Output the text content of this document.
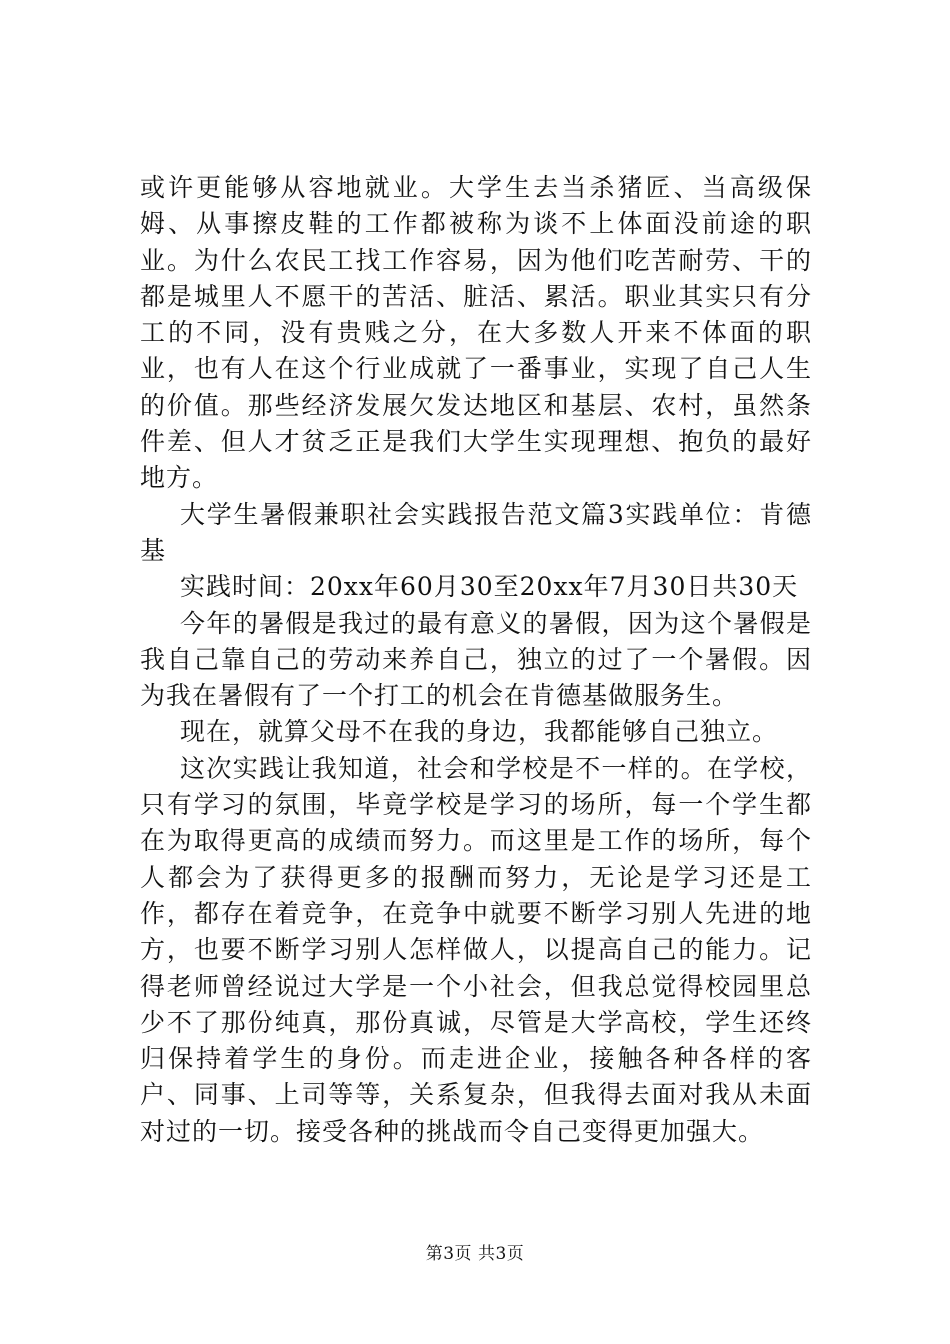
或许更能够从容地就业。大学生去当杀猪匠、当高级保姆、从事擦皮鞋的工作都被称为谈不上体面没前途的职业。为什么农民工找工作容易，因为他们吃苦耐劳、干的都是城里人不愿干的苦活、脏活、累活。职业其实只有分工的不同，没有贵贱之分，在大多数人开来不体面的职业，也有人在这个行业成就了一番事业，实现了自己人生的价值。那些经济发展欠发达地区和基层、农村，虽然条件差、但人才贫乏正是我们大学生实现理想、抱负的最好地方。

大学生暑假兼职社会实践报告范文篇3实践单位：肯德基

实践时间：20xx年60月30至20xx年7月30日共30天

今年的暑假是我过的最有意义的暑假，因为这个暑假是我自己靠自己的劳动来养自己，独立的过了一个暑假。因为我在暑假有了一个打工的机会在肯德基做服务生。

现在，就算父母不在我的身边，我都能够自己独立。

这次实践让我知道，社会和学校是不一样的。在学校，只有学习的氛围，毕竟学校是学习的场所，每一个学生都在为取得更高的成绩而努力。而这里是工作的场所，每个人都会为了获得更多的报酬而努力，无论是学习还是工作，都存在着竞争，在竞争中就要不断学习别人先进的地方，也要不断学习别人怎样做人，以提高自己的能力。记得老师曾经说过大学是一个小社会，但我总觉得校园里总少不了那份纯真，那份真诚，尽管是大学高校，学生还终归保持着学生的身份。而走进企业，接触各种各样的客户、同事、上司等等，关系复杂，但我得去面对我从未面对过的一切。接受各种的挑战而令自己变得更加强大。

第3页 共3页
